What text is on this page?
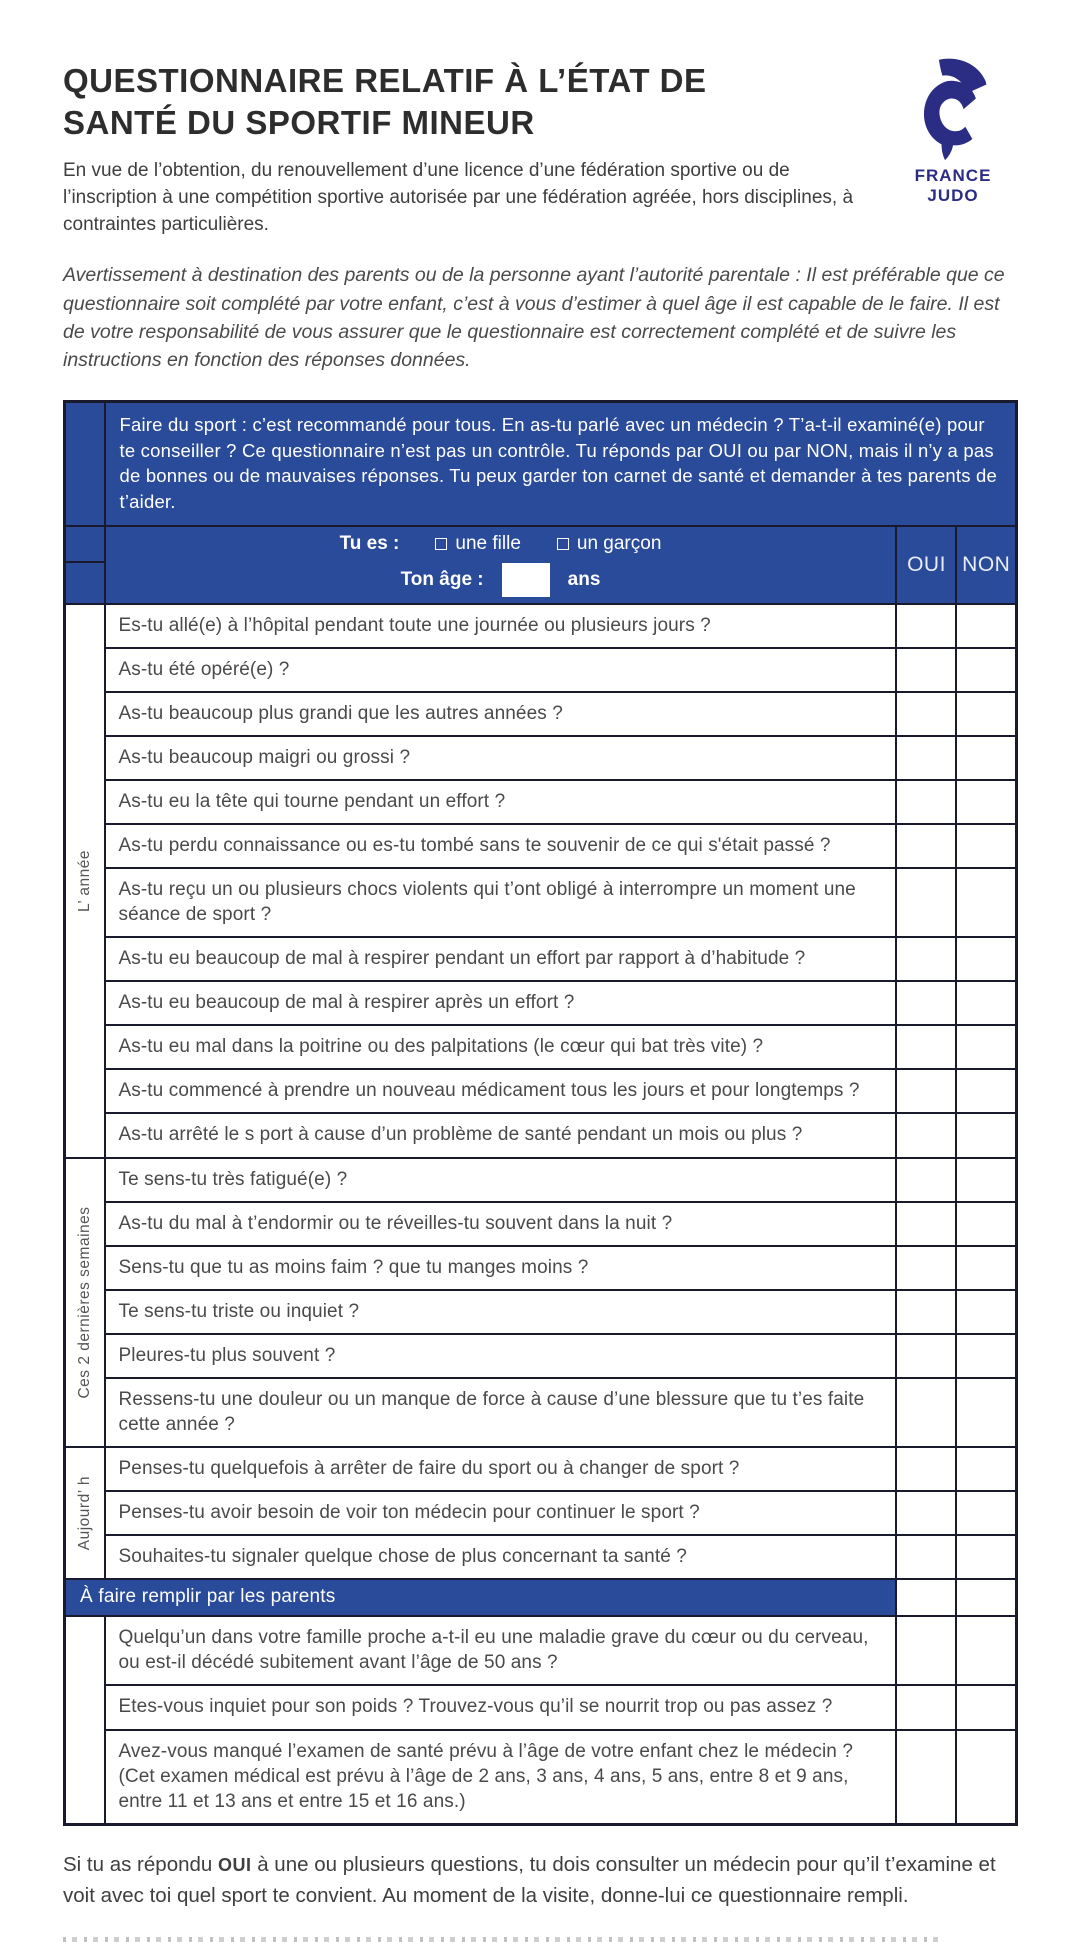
QUESTIONNAIRE RELATIF À L’ÉTAT DE
SANTÉ DU SPORTIF MINEUR

En vue de l’obtention, du renouvellement d’une licence d’une fédération sportive ou de l’inscription à une compétition sportive autorisée par une fédération agréée, hors disciplines, à contraintes particulières.

FRANCE
JUDO

Avertissement à destination des parents ou de la personne ayant l’autorité parentale : Il est préférable que ce questionnaire soit complété par votre enfant, c’est à vous d’estimer à quel âge il est capable de le faire. Il est de votre responsabilité de vous assurer que le questionnaire est correctement complété et de suivre les instructions en fonction des réponses données.

	Faire du sport : c’est recommandé pour tous. En as-tu parlé avec un médecin ? T’a-t-il examiné(e) pour te conseiller ? Ce questionnaire n’est pas un contrôle. Tu réponds par OUI ou par NON, mais il n’y a pas de bonnes ou de mauvaises réponses. Tu peux garder ton carnet de santé et demander à tes parents de t’aider.		

	Tu es : une fille un garçon
Ton âge : ans	OUI	NON

L’ année	Es-tu allé(e) à l’hôpital pendant toute une journée ou plusieurs jours ?		
	As-tu été opéré(e) ?		
	As-tu beaucoup plus grandi que les autres années ?		
	As-tu beaucoup maigri ou grossi ?		
	As-tu eu la tête qui tourne pendant un effort ?		
	As-tu perdu connaissance ou es-tu tombé sans te souvenir de ce qui s'était passé ?		
	As-tu reçu un ou plusieurs chocs violents qui t’ont obligé à interrompre un moment une séance de sport ?		
	As-tu eu beaucoup de mal à respirer pendant un effort par rapport à d’habitude ?		
	As-tu eu beaucoup de mal à respirer après un effort ?		
	As-tu eu mal dans la poitrine ou des palpitations (le cœur qui bat très vite) ?		
	As-tu commencé à prendre un nouveau médicament tous les jours et pour longtemps ?		
	As-tu arrêté le s port à cause d’un problème de santé pendant un mois ou plus ?		

Ces 2 dernières semaines	Te sens-tu très fatigué(e) ?		
	As-tu du mal à t’endormir ou te réveilles-tu souvent dans la nuit ?		
	Sens-tu que tu as moins faim ? que tu manges moins ?		
	Te sens-tu triste ou inquiet ?		
	Pleures-tu plus souvent ?		
	Ressens-tu une douleur ou un manque de force à cause d’une blessure que tu t’es faite cette année ?		

Aujourd’ h	Penses-tu quelquefois à arrêter de faire du sport ou à changer de sport ?		
	Penses-tu avoir besoin de voir ton médecin pour continuer le sport ?		
	Souhaites-tu signaler quelque chose de plus concernant ta santé ?		
À faire remplir par les parents			
	Quelqu’un dans votre famille proche a-t-il eu une maladie grave du cœur ou du cerveau, ou est-il décédé subitement avant l’âge de 50 ans ?		
	Etes-vous inquiet pour son poids ? Trouvez-vous qu’il se nourrit trop ou pas assez ?		
	Avez-vous manqué l’examen de santé prévu à l’âge de votre enfant chez le médecin ? (Cet examen médical est prévu à l’âge de 2 ans, 3 ans, 4 ans, 5 ans, entre 8 et 9 ans, entre 11 et 13 ans et entre 15 et 16 ans.)		

Si tu as répondu OUI à une ou plusieurs questions, tu dois consulter un médecin pour qu’il t’examine et voit avec toi quel sport te convient. Au moment de la visite, donne-lui ce questionnaire rempli.
